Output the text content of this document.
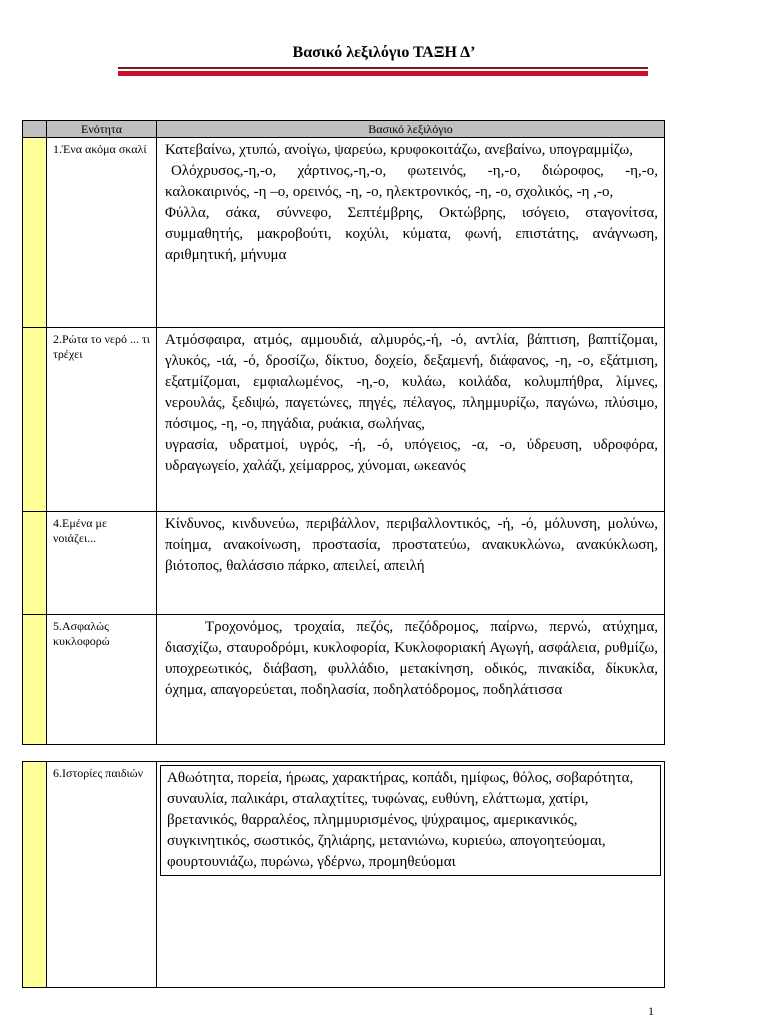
Βασικό λεξιλόγιο ΤΑΞΗ Δ’
	Ενότητα	Βασικό λεξιλόγιο

	1.Ένα ακόμα σκαλί	Κατεβαίνω, χτυπώ, ανοίγω, ψαρεύω, κρυφοκοιτάζω, ανεβαίνω, υπογραμμίζω,

Ολόχρυσος,-η,-ο, χάρτινος,-η,-ο, φωτεινός, -η,-ο, διώροφος, -η,-ο, καλοκαιρινός, -η –ο, ορεινός, -η, -ο, ηλεκτρονικός, -η, -ο, σχολικός, -η ,-ο,

Φύλλα, σάκα, σύννεφο, Σεπτέμβρης, Οκτώβρης, ισόγειο, σταγονίτσα, συμμαθητής, μακροβούτι, κοχύλι, κύματα, φωνή, επιστάτης, ανάγνωση, αριθμητική, μήνυμα

	2.Ρώτα το νερό ... τι τρέχει	Ατμόσφαιρα, ατμός, αμμουδιά, αλμυρός,-ή, -ό, αντλία, βάπτιση, βαπτίζομαι, γλυκός, -ιά, -ό, δροσίζω, δίκτυο, δοχείο, δεξαμενή, διάφανος, -η, -ο, εξάτμιση, εξατμίζομαι, εμφιαλωμένος, -η,-ο, κυλάω, κοιλάδα, κολυμπήθρα, λίμνες, νερουλάς, ξεδιψώ, παγετώνες, πηγές, πέλαγος, πλημμυρίζω, παγώνω, πλύσιμο, πόσιμος, -η, -ο, πηγάδια, ρυάκια, σωλήνας,

υγρασία, υδρατμοί, υγρός, -ή, -ό, υπόγειος, -α, -ο, ύδρευση, υδροφόρα, υδραγωγείο, χαλάζι, χείμαρρος, χύνομαι, ωκεανός

	4.Εμένα με νοιάζει...	Κίνδυνος, κινδυνεύω, περιβάλλον, περιβαλλοντικός, -ή, -ό, μόλυνση, μολύνω, ποίημα, ανακοίνωση, προστασία, προστατεύω, ανακυκλώνω, ανακύκλωση, βιότοπος, θαλάσσιο πάρκο, απειλεί, απειλή

	5.Ασφαλώς κυκλοφορώ	Τροχονόμος, τροχαία, πεζός, πεζόδρομος, παίρνω, περνώ, ατύχημα, διασχίζω, σταυροδρόμι, κυκλοφορία, Κυκλοφοριακή Αγωγή, ασφάλεια, ρυθμίζω, υποχρεωτικός, διάβαση, φυλλάδιο, μετακίνηση, οδικός, πινακίδα, δίκυκλα, όχημα, απαγορεύεται, ποδηλασία, ποδηλατόδρομος, ποδηλάτισσα

6.Ιστορίες παιδιών	Αθωότητα, πορεία, ήρωας, χαρακτήρας, κοπάδι, ημίφως, θόλος, σοβαρότητα, συναυλία, παλικάρι, σταλαχτίτες, τυφώνας, ευθύνη, ελάττωμα, χατίρι, βρετανικός, θαρραλέος, πλημμυρισμένος, ψύχραιμος, αμερικανικός, συγκινητικός, σωστικός, ζηλιάρης, μετανιώνω, κυριεύω, απογοητεύομαι, φουρτουνιάζω, πυρώνω, γδέρνω, προμηθεύομαι

1
